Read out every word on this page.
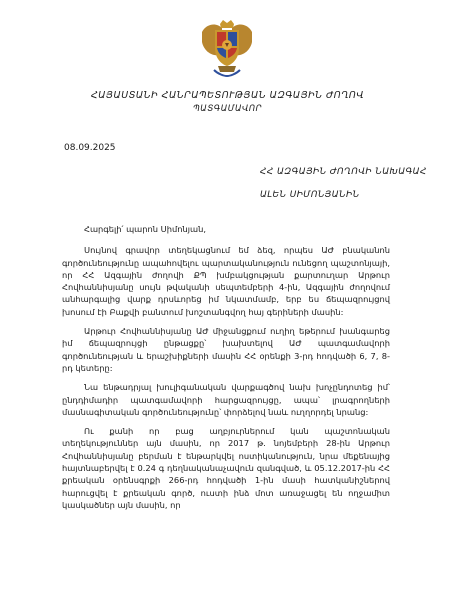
ՀԱՅԱՍՏԱՆԻ ՀԱՆՐԱՊԵՏՈՒԹՅԱՆ ԱԶԳԱՅԻՆ ԺՈՂՈՎ
ՊԱՏԳԱՄԱՎՈՐ
08.09.2025
ՀՀ ԱԶԳԱՅԻՆ ԺՈՂՈՎԻ ՆԱԽԱԳԱՀ
ԱԼԵՆ ՍԻՄՈՆՅԱՆԻՆ

Հարգելի՛ պարոն Սիմոնյան,

Սույնով գրավոր տեղեկացնում եմ ձեզ, որպես ԱԺ բնականոն գործունեությունը ապահովելու պարտականություն ունեցող պաշտոնյայի, որ ՀՀ Ազգային ժողովի ՔՊ խմբակցության քարտուղար Արթուր Հովհաննիսյանը սույն թվականի սեպտեմբերի 4-ին, Ազգային ժողովում անհարգալից վարք դրսևորեց իմ նկատմամբ, երբ ես ճեպազրույցով խոսում էի Բաքվի բանտում խոշտանգվող հայ գերիների մասին:

Արթուր Հովհաննիսյանը ԱԺ միջանցքում ուղիղ եթերում խանգարեց իմ ճեպազրույցի ընթացքը՝ խախտելով ԱԺ պատգամավորի գործունեության և երաշխիքների մասին ՀՀ օրենքի 3-րդ հոդվածի 6, 7, 8-րդ կետերը:

Նա ենթադրյալ խուլիգանական վարքագծով նախ խոչընդոտեց իմ՝ ընդդիմադիր պատգամավորի հարցազրույցը, ապա՝ լրագրողների մասնագիտական գործունեությունը՝ փորձելով նաև ուղղորդել նրանց:

Ու քանի որ բաց աղբյուրներում կան պաշտոնական տեղեկություններ այն մասին, որ 2017 թ. նոյեմբերի 28-ին Արթուր Հովհաննիսյանը բերման է ենթարկվել ոստիկանություն, նրա մեքենայից հայտնաբերվել է 0.24 գ դեղնականաչավուն զանգված, և 05.12.2017-ին ՀՀ քրեական օրենսգրքի 266-րդ հոդվածի 1-ին մասի հատկանիշներով հարուցվել է քրեական գործ, ուստի ինձ մոտ առաջացել են ողջամիտ կասկածներ այն մասին, որ
